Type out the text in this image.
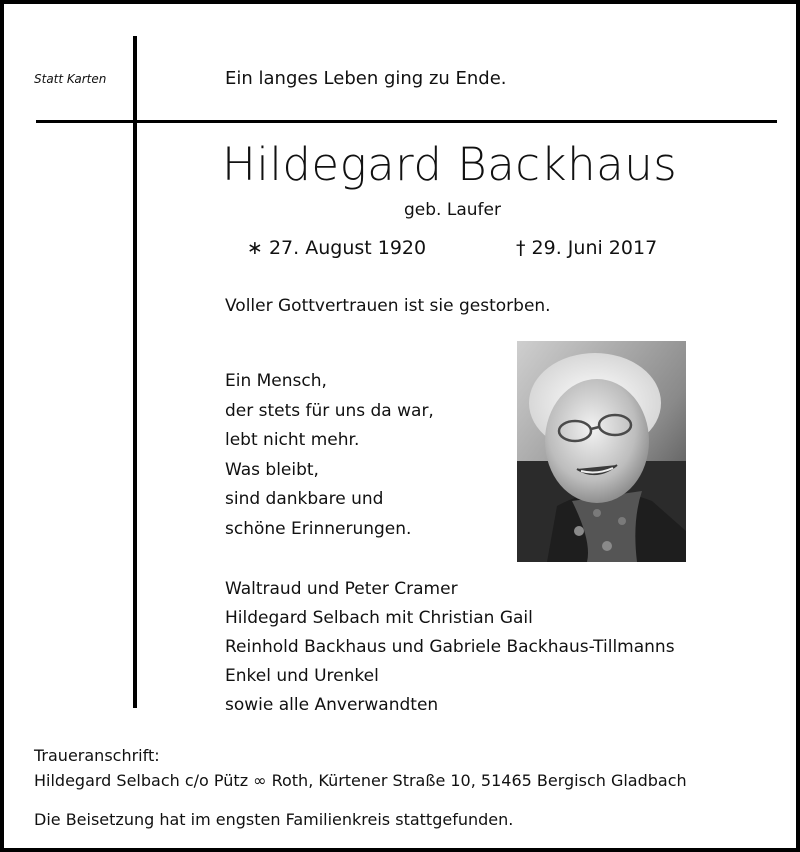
Statt Karten	Ein langes Leben ging zu Ende.
Hildegard Backhaus
geb. Laufer
∗ 27. August 1920	† 29. Juni 2017
Voller Gottvertrauen ist sie gestorben.
Ein Mensch,
der stets für uns da war,
lebt nicht mehr.
Was bleibt,
sind dankbare und
schöne Erinnerungen.
Waltraud und Peter Cramer
Hildegard Selbach mit Christian Gail
Reinhold Backhaus und Gabriele Backhaus-Tillmanns
Enkel und Urenkel
sowie alle Anverwandten
Traueranschrift:
Hildegard Selbach c/o Pütz ∞ Roth, Kürtener Straße 10, 51465 Bergisch Gladbach
Die Beisetzung hat im engsten Familienkreis stattgefunden.
